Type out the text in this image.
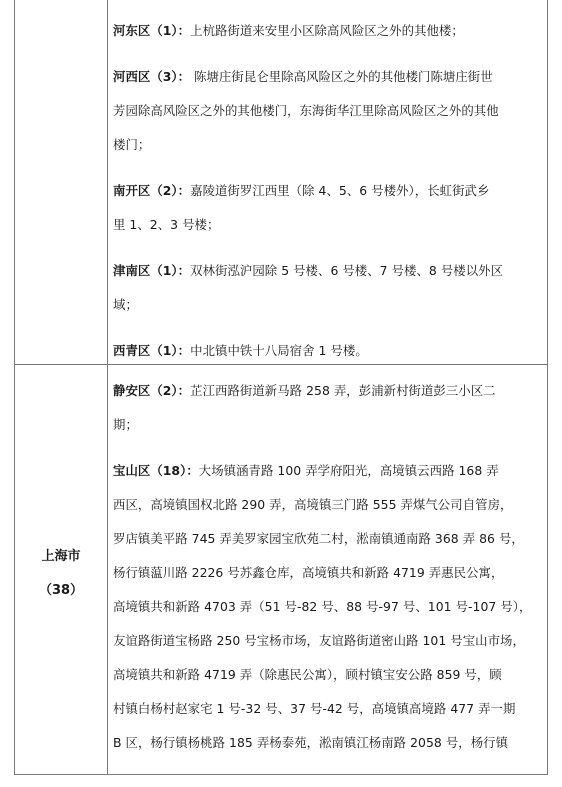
河东区（1）：上杭路街道来安里小区除高风险区之外的其他楼；
河西区（3）： 陈塘庄街昆仑里除高风险区之外的其他楼门陈塘庄街世
芳园除高风险区之外的其他楼门，东海街华江里除高风险区之外的其他
楼门；
南开区（2）：嘉陵道街罗江西里（除 4、5、6 号楼外），长虹街武乡
里 1、2、3 号楼；
津南区（1）：双林街泓沪园除 5 号楼、6 号楼、7 号楼、8 号楼以外区
域；
西青区（1）：中北镇中铁十八局宿舍 1 号楼。
上海市
（38）
静安区（2）：芷江西路街道新马路 258 弄，彭浦新村街道彭三小区二
期；
宝山区（18）：大场镇涵青路 100 弄学府阳光，高境镇云西路 168 弄
西区，高境镇国权北路 290 弄，高境镇三门路 555 弄煤气公司自管房，
罗店镇美平路 745 弄美罗家园宝欣苑二村，淞南镇通南路 368 弄 86 号，
杨行镇蕰川路 2226 号苏鑫仓库，高境镇共和新路 4719 弄惠民公寓，
高境镇共和新路 4703 弄（51 号-82 号、88 号-97 号、101 号-107 号），
友谊路街道宝杨路 250 号宝杨市场，友谊路街道密山路 101 号宝山市场，
高境镇共和新路 4719 弄（除惠民公寓），顾村镇宝安公路 859 号，顾
村镇白杨村赵家宅 1 号-32 号、37 号-42 号，高境镇高境路 477 弄一期
B 区，杨行镇杨桃路 185 弄杨泰苑，淞南镇江杨南路 2058 号，杨行镇
